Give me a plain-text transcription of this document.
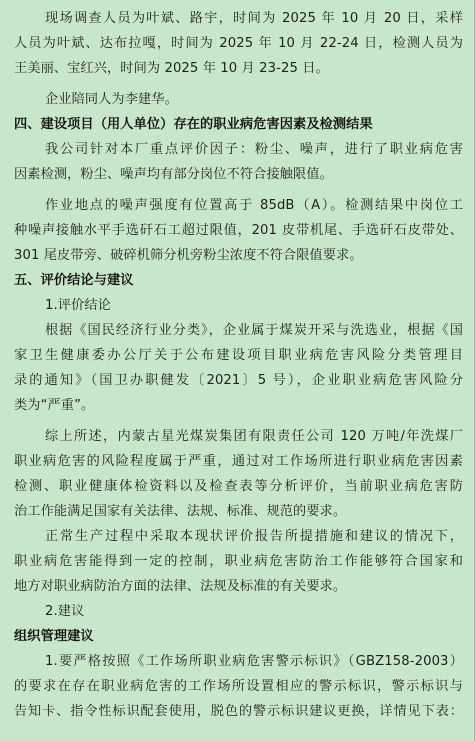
现场调查人员为叶斌、路宇，时间为 2025 年 10 月 20 日，采样
人员为叶斌、达布拉嘎，时间为 2025 年 10 月 22-24 日，检测人员为
王美丽、宝红兴，时间为 2025 年 10 月 23-25 日。
企业陪同人为李建华。
四、建设项目（用人单位）存在的职业病危害因素及检测结果
我公司针对本厂重点评价因子：粉尘、噪声，进行了职业病危害
因素检测，粉尘、噪声均有部分岗位不符合接触限值。
作业地点的噪声强度有位置高于 85dB（A）。检测结果中岗位工
种噪声接触水平手选矸石工超过限值，201 皮带机尾、手选矸石皮带处、
301 尾皮带旁、破碎机筛分机旁粉尘浓度不符合限值要求。
五、评价结论与建议
1.评价结论
根据《国民经济行业分类》，企业属于煤炭开采与洗选业，根据《国
家卫生健康委办公厅关于公布建设项目职业病危害风险分类管理目
录的通知》（国卫办职健发〔2021〕5 号），企业职业病危害风险分
类为“严重”。
综上所述，内蒙古星光煤炭集团有限责任公司 120 万吨/年洗煤厂
职业病危害的风险程度属于严重，通过对工作场所进行职业病危害因素
检测、职业健康体检资料以及检查表等分析评价，当前职业病危害防
治工作能满足国家有关法律、法规、标准、规范的要求。
正常生产过程中采取本现状评价报告所提措施和建议的情况下，
职业病危害能得到一定的控制，职业病危害防治工作能够符合国家和
地方对职业病防治方面的法律、法规及标准的有关要求。
2.建议
组织管理建议
1.要严格按照《工作场所职业病危害警示标识》（GBZ158-2003）
的要求在存在职业病危害的工作场所设置相应的警示标识，警示标识与
告知卡、指令性标识配套使用，脱色的警示标识建议更换，详情见下表：
